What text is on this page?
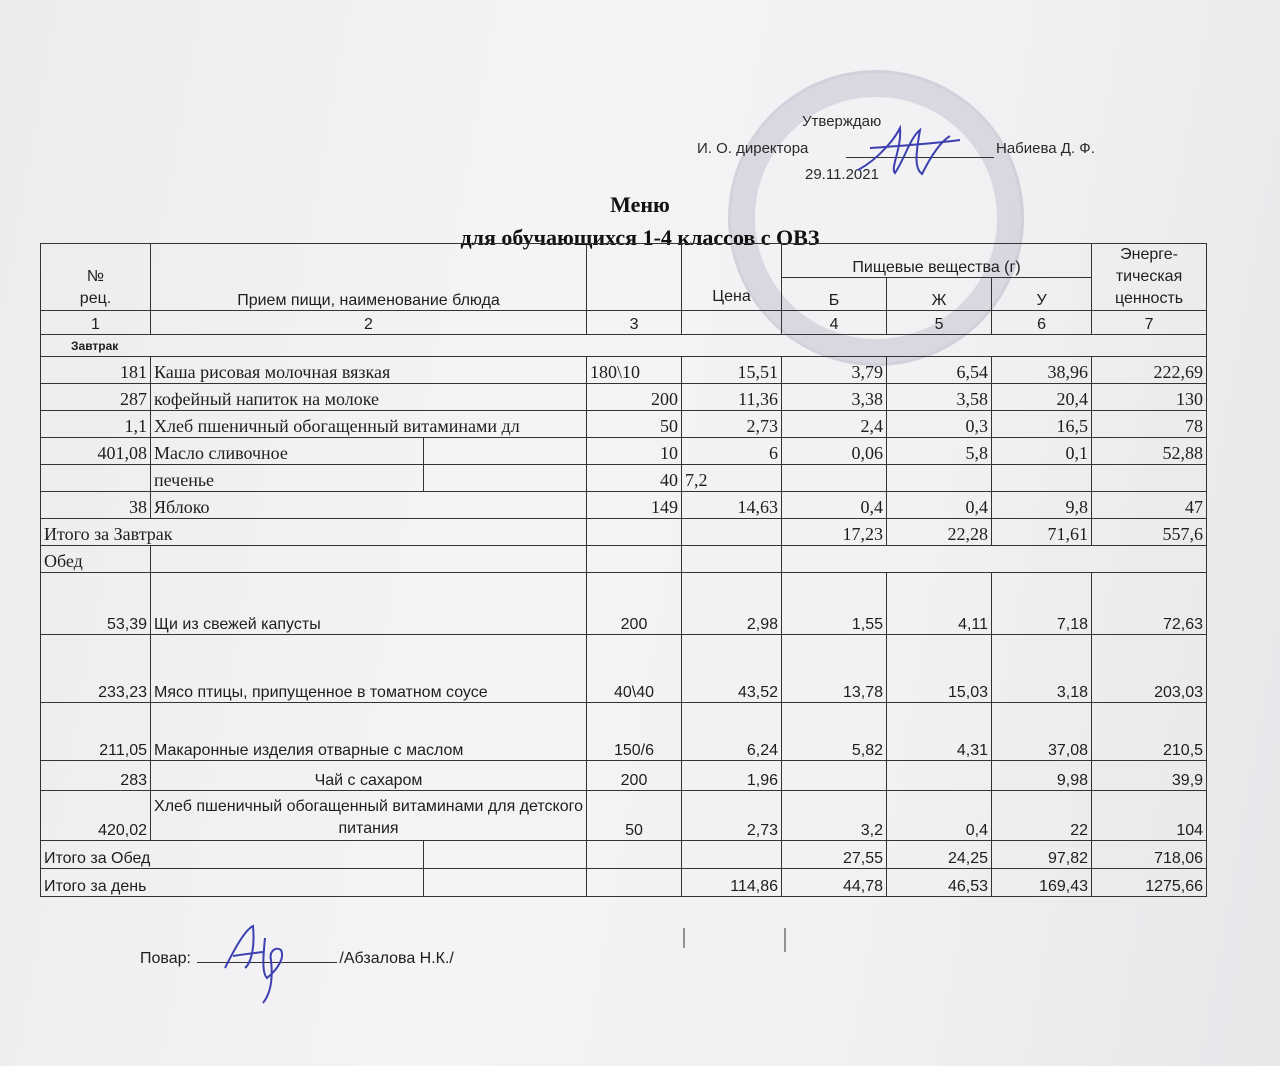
Утверждаю
И. О. директора	Набиева Д. Ф.
29.11.2021
Меню
для обучающихся 1-4 классов с ОВЗ
№
рец.	Прием пищи, наименование блюда			Цена	Пищевые вещества (г)			Энерге-
тическая
ценность
					Б	Ж	У	
1	2		3		4	5	6	7
Завтрак								
181	Каша рисовая молочная вязкая		180\10	15,51	3,79	6,54	38,96	222,69
287	кофейный напиток на молоке		200	11,36	3,38	3,58	20,4	130
1,1	Хлеб пшеничный обогащенный витаминами дл		50	2,73	2,4	0,3	16,5	78
401,08	Масло сливочное		10	6	0,06	5,8	0,1	52,88
	печенье		40	7,2				
38	Яблоко		149	14,63	0,4	0,4	9,8	47
Итого за Завтрак					17,23	22,28	71,61	557,6
Обед								
53,39	Щи из свежей капусты		200	2,98	1,55	4,11	7,18	72,63
233,23	Мясо птицы, припущенное в томатном соусе		40\40	43,52	13,78	15,03	3,18	203,03
211,05	Макаронные изделия отварные с маслом		150/6	6,24	5,82	4,31	37,08	210,5
283	Чай с сахаром		200	1,96			9,98	39,9
420,02	Хлеб пшеничный обогащенный витаминами для детского питания		50	2,73	3,2	0,4	22	104
Итого за Обед					27,55	24,25	97,82	718,06
Итого за день				114,86	44,78	46,53	169,43	1275,66
Повар:	/Абзалова Н.К./
